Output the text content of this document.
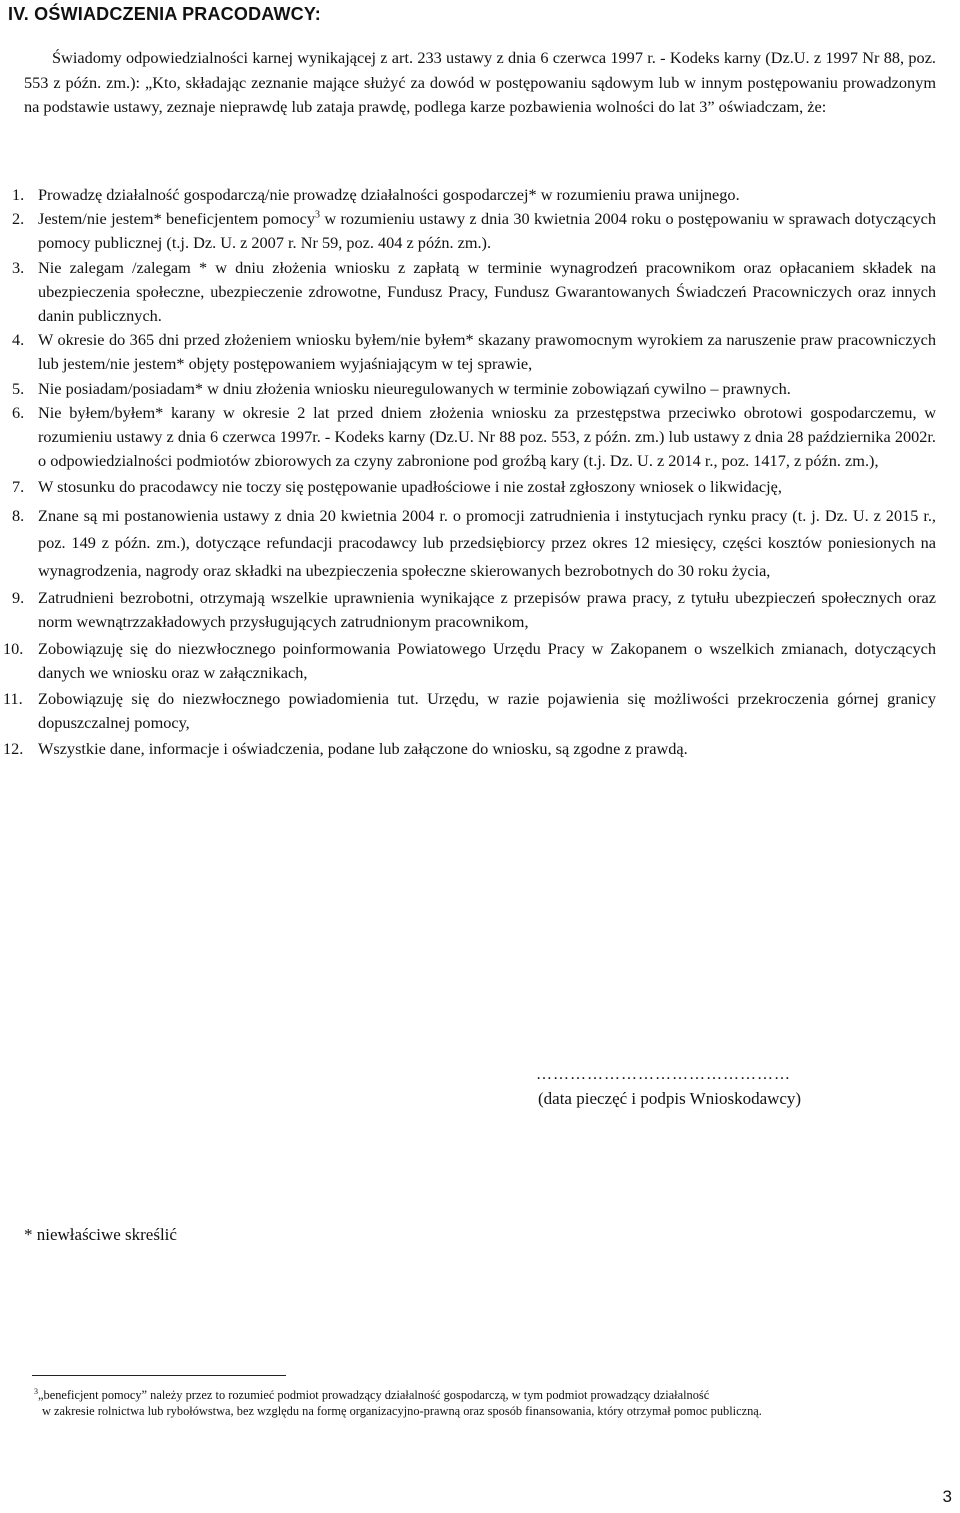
IV. OŚWIADCZENIA PRACODAWCY:
Świadomy odpowiedzialności karnej wynikającej z art. 233 ustawy z dnia 6 czerwca 1997 r. - Kodeks karny (Dz.U. z 1997 Nr 88, poz. 553 z późn. zm.): „Kto, składając zeznanie mające służyć za dowód w postępowaniu sądowym lub w innym postępowaniu prowadzonym na podstawie ustawy, zeznaje nieprawdę lub zataja prawdę, podlega karze pozbawienia wolności do lat 3” oświadczam, że:
1. Prowadzę działalność gospodarczą/nie prowadzę działalności gospodarczej* w rozumieniu prawa unijnego.
2. Jestem/nie jestem* beneficjentem pomocy$^3$ w rozumieniu ustawy z dnia 30 kwietnia 2004 roku o postępowaniu w sprawach dotyczących pomocy publicznej (t.j. Dz. U. z 2007 r. Nr 59, poz. 404 z późn. zm.).
3. Nie zalegam /zalegam * w dniu złożenia wniosku z zapłatą w terminie wynagrodzeń pracownikom oraz opłacaniem składek na ubezpieczenia społeczne, ubezpieczenie zdrowotne, Fundusz Pracy, Fundusz Gwarantowanych Świadczeń Pracowniczych oraz innych danin publicznych.
4. W okresie do 365 dni przed złożeniem wniosku byłem/nie byłem* skazany prawomocnym wyrokiem za naruszenie praw pracowniczych lub jestem/nie jestem* objęty postępowaniem wyjaśniającym w tej sprawie,
5. Nie posiadam/posiadam* w dniu złożenia wniosku nieuregulowanych w terminie zobowiązań cywilno – prawnych.
6. Nie byłem/byłem* karany w okresie 2 lat przed dniem złożenia wniosku za przestępstwa przeciwko obrotowi gospodarczemu, w rozumieniu ustawy z dnia 6 czerwca 1997r. - Kodeks karny (Dz.U. Nr 88 poz. 553, z późn. zm.) lub ustawy z dnia 28 października 2002r. o odpowiedzialności podmiotów zbiorowych za czyny zabronione pod groźbą kary (t.j. Dz. U. z 2014 r., poz. 1417, z późn. zm.),
7. W stosunku do pracodawcy nie toczy się postępowanie upadłościowe i nie został zgłoszony wniosek o likwidację,
8. Znane są mi postanowienia ustawy z dnia 20 kwietnia 2004 r. o promocji zatrudnienia i instytucjach rynku pracy (t. j. Dz. U. z 2015 r., poz. 149 z późn. zm.), dotyczące refundacji pracodawcy lub przedsiębiorcy przez okres 12 miesięcy, części kosztów poniesionych na wynagrodzenia, nagrody oraz składki na ubezpieczenia społeczne skierowanych bezrobotnych do 30 roku życia,
9. Zatrudnieni bezrobotni, otrzymają wszelkie uprawnienia wynikające z przepisów prawa pracy, z tytułu ubezpieczeń społecznych oraz norm wewnątrzzakładowych przysługujących zatrudnionym pracownikom,
10. Zobowiązuję się do niezwłocznego poinformowania Powiatowego Urzędu Pracy w Zakopanem o wszelkich zmianach, dotyczących danych we wniosku oraz w załącznikach,
11. Zobowiązuję się do niezwłocznego powiadomienia tut. Urzędu, w razie pojawienia się możliwości przekroczenia górnej granicy dopuszczalnej pomocy,
12. Wszystkie dane, informacje i oświadczenia, podane lub załączone do wniosku, są zgodne z prawdą.
………………………………………
(data pieczęć i podpis Wnioskodawcy)
* niewłaściwe skreślić
$^3$„beneficjent pomocy” należy przez to rozumieć podmiot prowadzący działalność gospodarczą, w tym podmiot prowadzący działalność
w zakresie rolnictwa lub rybołówstwa, bez względu na formę organizacyjno-prawną oraz sposób finansowania, który otrzymał pomoc publiczną.
3
